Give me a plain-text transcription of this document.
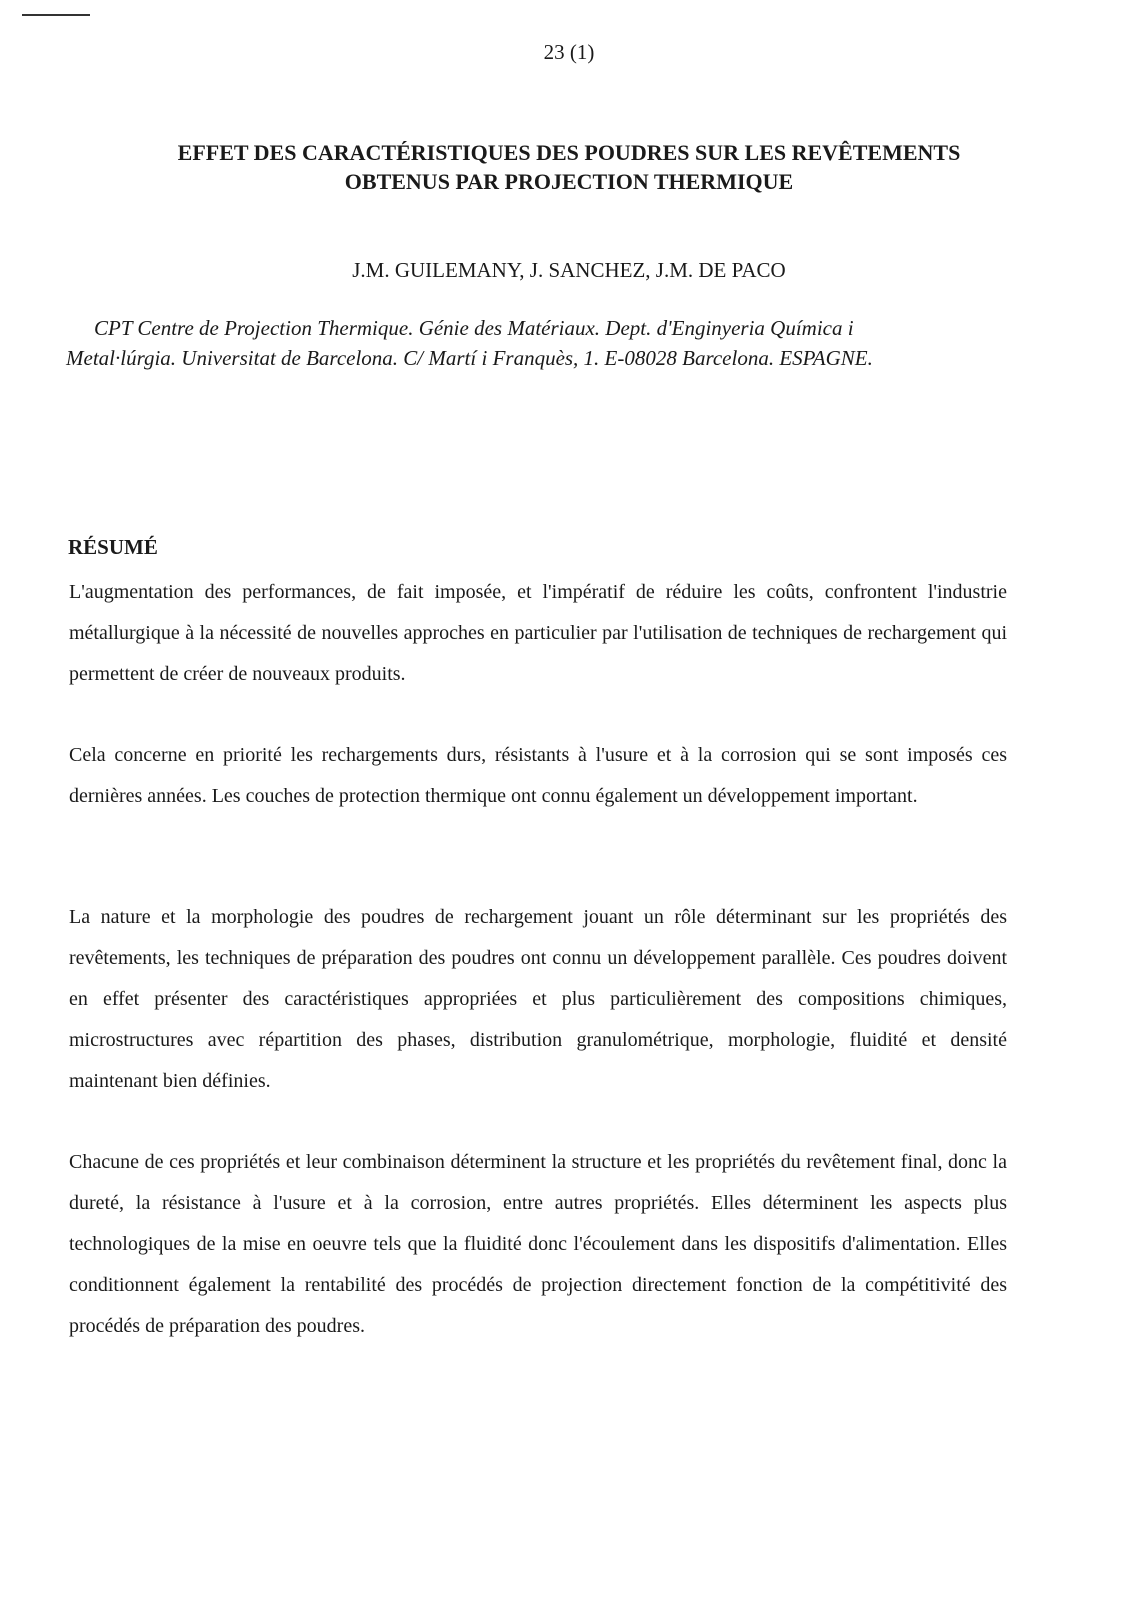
23 (1)
EFFET DES CARACTÉRISTIQUES DES POUDRES SUR LES REVÊTEMENTS
OBTENUS PAR PROJECTION THERMIQUE
J.M. GUILEMANY, J. SANCHEZ, J.M. DE PACO
CPT Centre de Projection Thermique. Génie des Matériaux. Dept. d'Enginyeria Química i
Metal·lúrgia. Universitat de Barcelona. C/ Martí i Franquès, 1. E-08028 Barcelona. ESPAGNE.
RÉSUMÉ
L'augmentation des performances, de fait imposée, et l'impératif de réduire les coûts, confrontent l'industrie métallurgique à la nécessité de nouvelles approches en particulier par l'utilisation de techniques de rechargement qui permettent de créer de nouveaux produits.
Cela concerne en priorité les rechargements durs, résistants à l'usure et à la corrosion qui se sont imposés ces dernières années. Les couches de protection thermique ont connu également un développement important.
La nature et la morphologie des poudres de rechargement jouant un rôle déterminant sur les propriétés des revêtements, les techniques de préparation des poudres ont connu un développement parallèle. Ces poudres doivent en effet présenter des caractéristiques appropriées et plus particulièrement des compositions chimiques, microstructures avec répartition des phases, distribution granulométrique, morphologie, fluidité et densité maintenant bien définies.
Chacune de ces propriétés et leur combinaison déterminent la structure et les propriétés du revêtement final, donc la dureté, la résistance à l'usure et à la corrosion, entre autres propriétés. Elles déterminent les aspects plus technologiques de la mise en oeuvre tels que la fluidité donc l'écoulement dans les dispositifs d'alimentation. Elles conditionnent également la rentabilité des procédés de projection directement fonction de la compétitivité des procédés de préparation des poudres.
